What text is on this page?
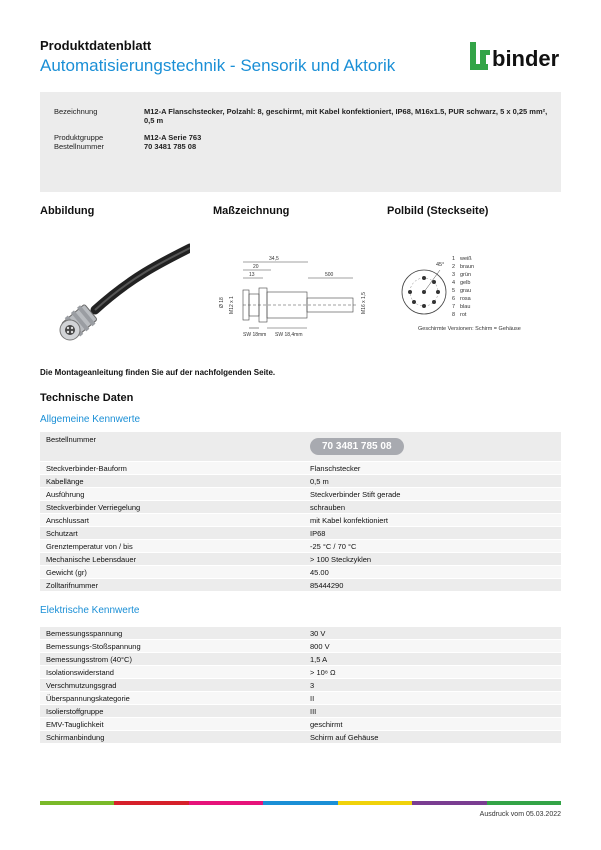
Produktdatenblatt
Automatisierungstechnik - Sensorik und Aktorik	binder
Bezeichnung	M12-A Flanschstecker, Polzahl: 8, geschirmt, mit Kabel konfektioniert, IP68, M16x1.5, PUR schwarz, 5 x 0,25 mm²,
0,5 m
Produktgruppe	M12-A Serie 763
Bestellnummer	70 3481 785 08
Abbildung	Maßzeichnung	Polbild (Steckseite)
34,5
20
13	500
Ø 18 M12 x 1	M16 x 1,5
SW 18mm SW 18,4mm
45°
1 weiß
2 braun
3 grün
4 gelb
5 grau
6 rosa
7 blau
8 rot
Geschirmte Versionen: Schirm = Gehäuse
Die Montageanleitung finden Sie auf der nachfolgenden Seite.
Technische Daten
Allgemeine Kennwerte
Bestellnummer	70 3481 785 08
Steckverbinder-Bauform	Flanschstecker
Kabellänge	0,5 m
Ausführung	Steckverbinder Stift gerade
Steckverbinder Verriegelung	schrauben
Anschlussart	mit Kabel konfektioniert
Schutzart	IP68
Grenztemperatur von / bis	-25 °C / 70 °C
Mechanische Lebensdauer	> 100 Steckzyklen
Gewicht (gr)	45.00
Zolltarifnummer	85444290
Elektrische Kennwerte
Bemessungsspannung	30 V
Bemessungs-Stoßspannung	800 V
Bemessungsstrom (40°C)	1,5 A
Isolationswiderstand	> 10⁸ Ω
Verschmutzungsgrad	3
Überspannungskategorie	II
Isolierstoffgruppe	III
EMV-Tauglichkeit	geschirmt
Schirmanbindung	Schirm auf Gehäuse
Ausdruck vom 05.03.2022
